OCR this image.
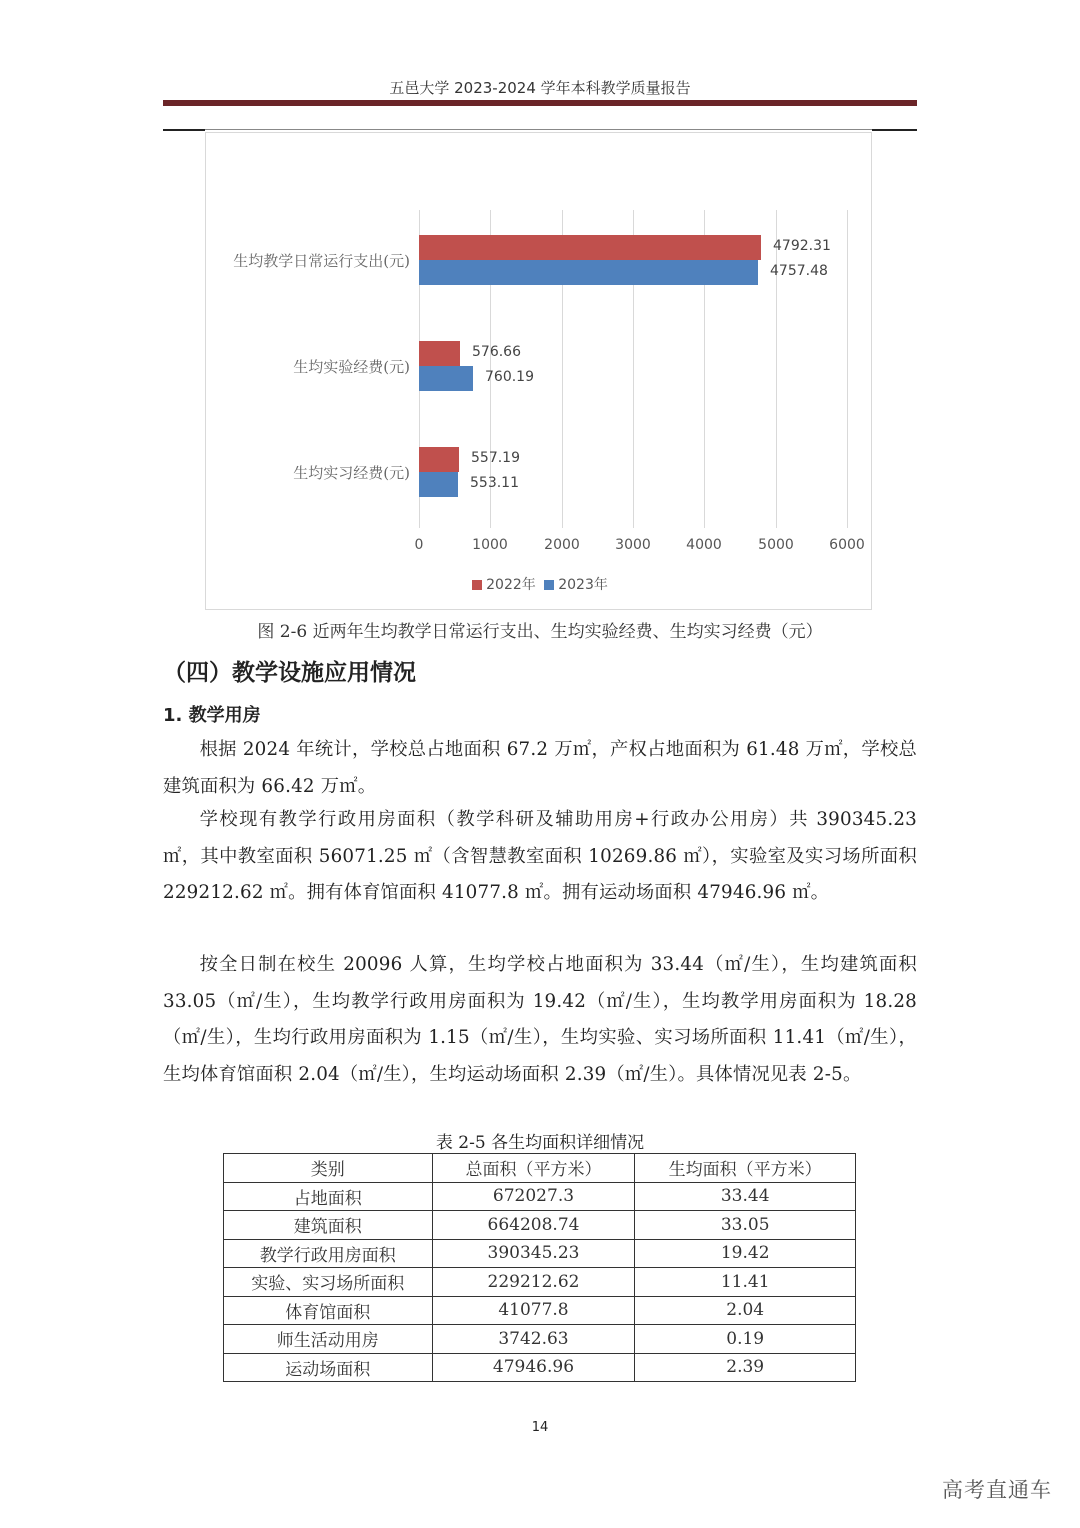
五邑大学 2023-2024 学年本科教学质量报告
0	1000	2000	3000	4000	5000	6000
生均教学日常运行支出(元)
4792.31
4757.48
生均实验经费(元)
576.66
760.19
生均实习经费(元)
557.19
553.11
2022年 2023年
图 2-6 近两年生均教学日常运行支出、生均实验经费、生均实习经费（元）
（四）教学设施应用情况
1. 教学用房
根据 2024 年统计，学校总占地面积 67.2 万㎡，产权占地面积为 61.48 万㎡，学校总建筑面积为 66.42 万㎡。
学校现有教学行政用房面积（教学科研及辅助用房+行政办公用房）共 390345.23 ㎡，其中教室面积 56071.25 ㎡（含智慧教室面积 10269.86 ㎡），实验室及实习场所面积 229212.62 ㎡。拥有体育馆面积 41077.8 ㎡。拥有运动场面积 47946.96 ㎡。
按全日制在校生 20096 人算，生均学校占地面积为 33.44（㎡/生），生均建筑面积 33.05（㎡/生），生均教学行政用房面积为 19.42（㎡/生），生均教学用房面积为 18.28（㎡/生），生均行政用房面积为 1.15（㎡/生），生均实验、实习场所面积 11.41（㎡/生），生均体育馆面积 2.04（㎡/生），生均运动场面积 2.39（㎡/生）。具体情况见表 2-5。
表 2-5 各生均面积详细情况
类别	总面积（平方米）	生均面积（平方米）
占地面积	672027.3	33.44
建筑面积	664208.74	33.05
教学行政用房面积	390345.23	19.42
实验、实习场所面积	229212.62	11.41
体育馆面积	41077.8	2.04
师生活动用房	3742.63	0.19
运动场面积	47946.96	2.39
14
高考直通车
